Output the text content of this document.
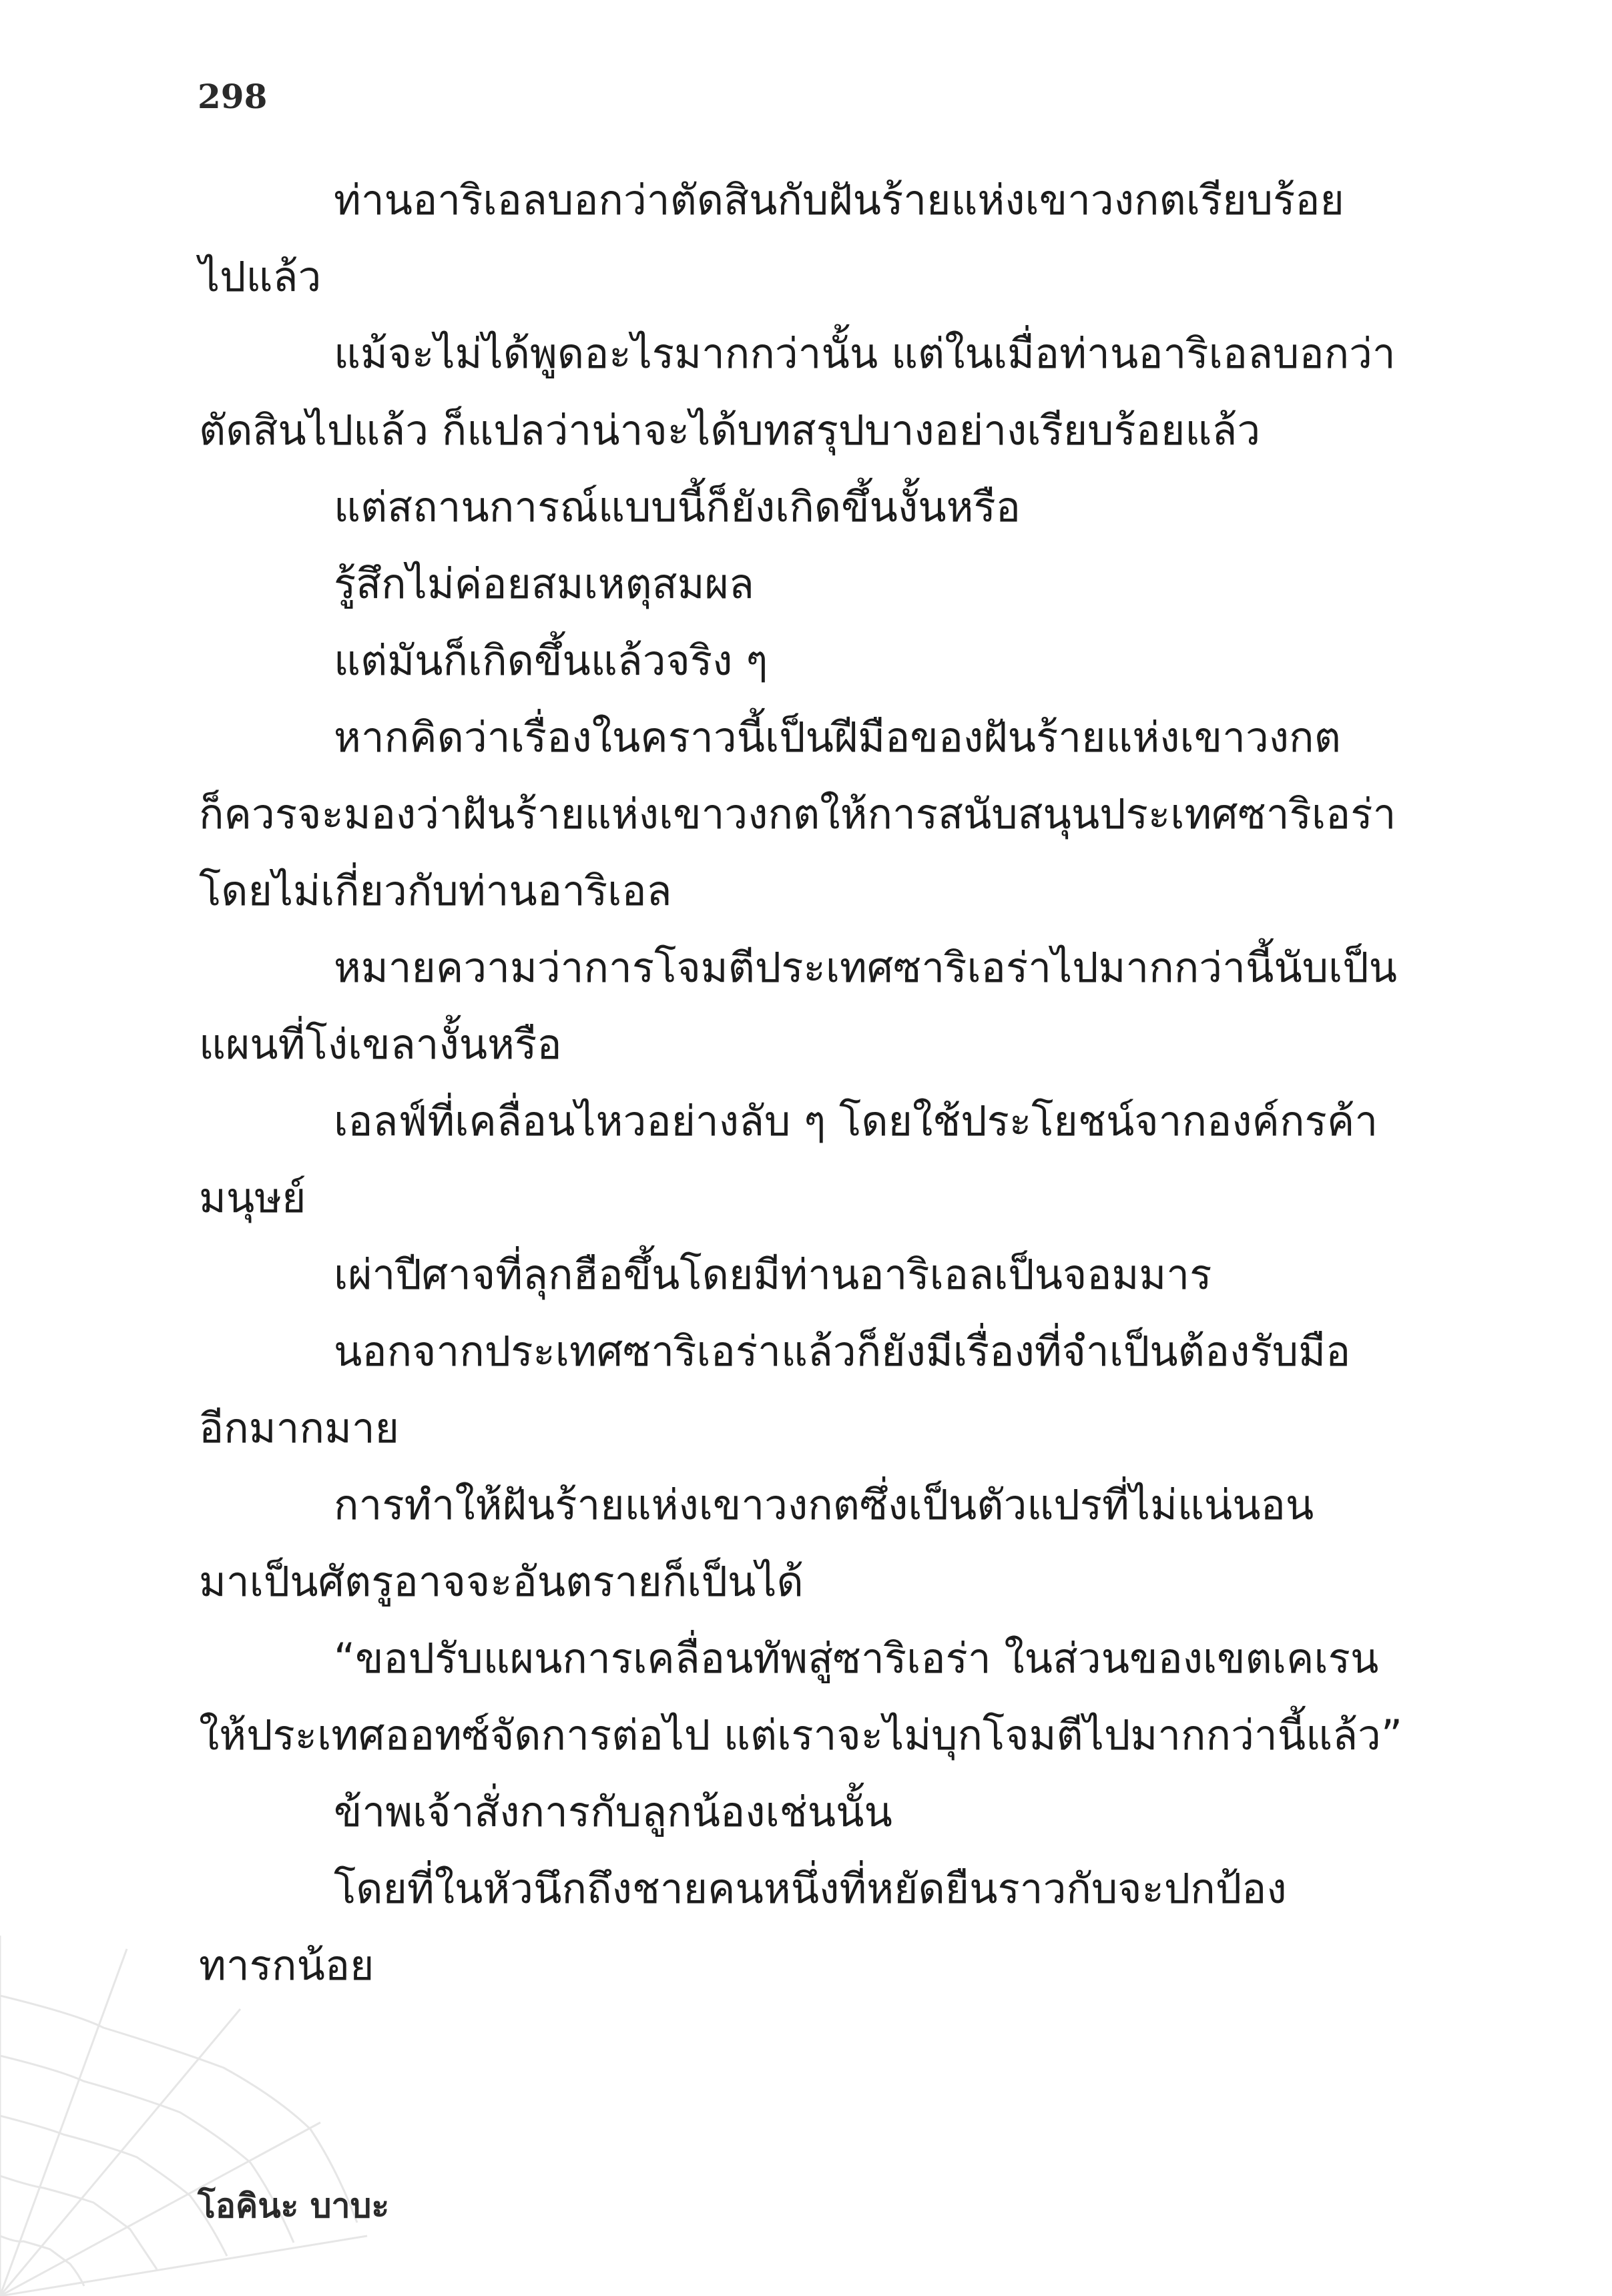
298
ท่านอาริเอลบอกว่าตัดสินกับฝันร้ายแห่งเขาวงกตเรียบร้อย
ไปแล้ว
แม้จะไม่ได้พูดอะไรมากกว่านั้น แต่ในเมื่อท่านอาริเอลบอกว่า
ตัดสินไปแล้ว ก็แปลว่าน่าจะได้บทสรุปบางอย่างเรียบร้อยแล้ว
แต่สถานการณ์แบบนี้ก็ยังเกิดขึ้นงั้นหรือ
รู้สึกไม่ค่อยสมเหตุสมผล
แต่มันก็เกิดขึ้นแล้วจริง ๆ
หากคิดว่าเรื่องในคราวนี้เป็นฝีมือของฝันร้ายแห่งเขาวงกต
ก็ควรจะมองว่าฝันร้ายแห่งเขาวงกตให้การสนับสนุนประเทศซาริเอร่า
โดยไม่เกี่ยวกับท่านอาริเอล
หมายความว่าการโจมตีประเทศซาริเอร่าไปมากกว่านี้นับเป็น
แผนที่โง่เขลางั้นหรือ
เอลฟ์ที่เคลื่อนไหวอย่างลับ ๆ โดยใช้ประโยชน์จากองค์กรค้า
มนุษย์
เผ่าปีศาจที่ลุกฮือขึ้นโดยมีท่านอาริเอลเป็นจอมมาร
นอกจากประเทศซาริเอร่าแล้วก็ยังมีเรื่องที่จำเป็นต้องรับมือ
อีกมากมาย
การทำให้ฝันร้ายแห่งเขาวงกตซึ่งเป็นตัวแปรที่ไม่แน่นอน
มาเป็นศัตรูอาจจะอันตรายก็เป็นได้
“ขอปรับแผนการเคลื่อนทัพสู่ซาริเอร่า ในส่วนของเขตเคเรน
ให้ประเทศออทซ์จัดการต่อไป แต่เราจะไม่บุกโจมตีไปมากกว่านี้แล้ว”
ข้าพเจ้าสั่งการกับลูกน้องเช่นนั้น
โดยที่ในหัวนึกถึงชายคนหนึ่งที่หยัดยืนราวกับจะปกป้อง
ทารกน้อย
โอคินะ บาบะ
